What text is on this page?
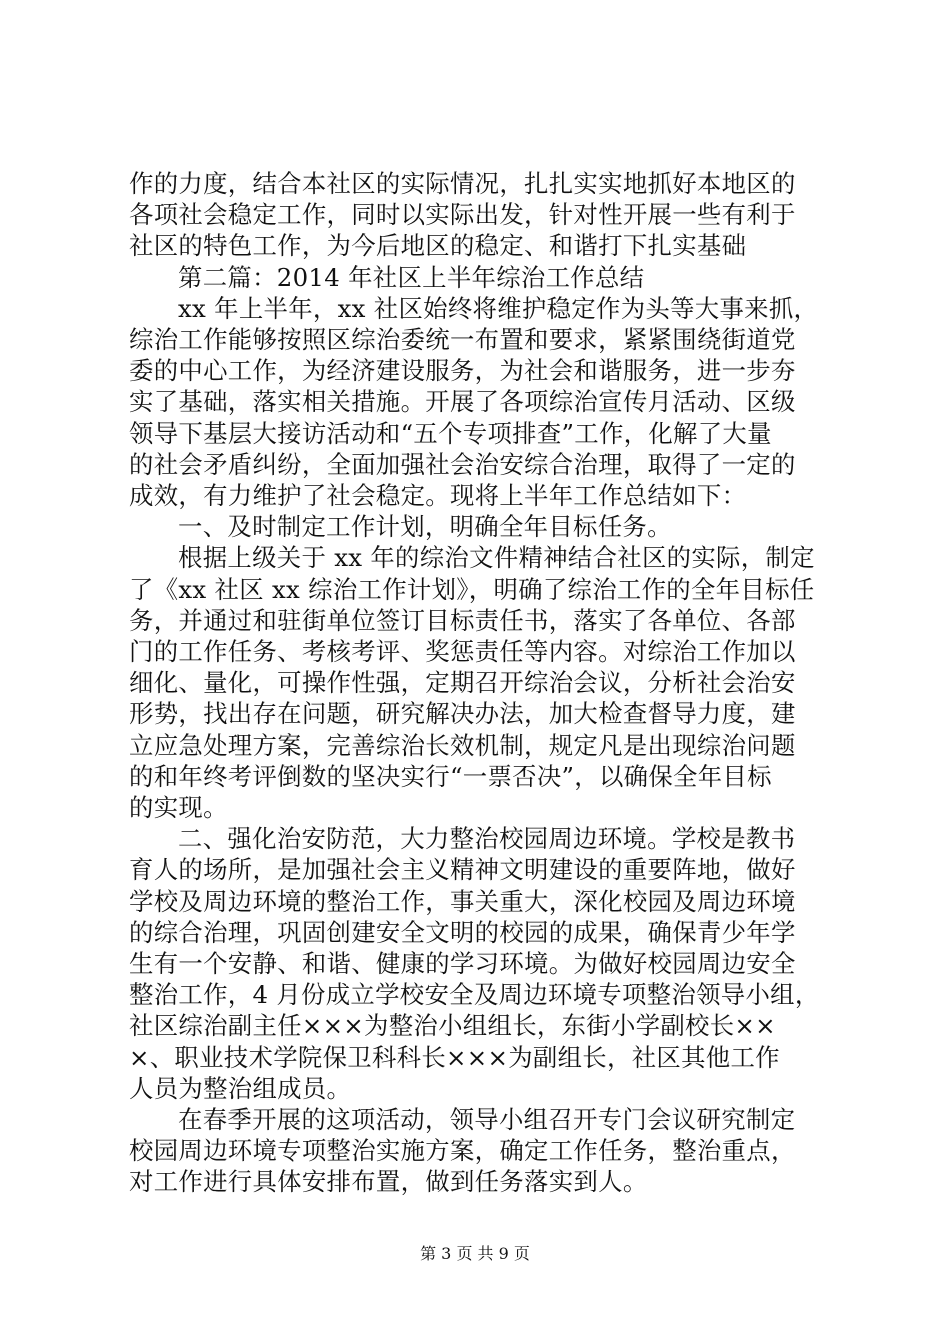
作的力度，结合本社区的实际情况，扎扎实实地抓好本地区的
各项社会稳定工作，同时以实际出发，针对性开展一些有利于
社区的特色工作，为今后地区的稳定、和谐打下扎实基础
第二篇：2014 年社区上半年综治工作总结
xx 年上半年，xx 社区始终将维护稳定作为头等大事来抓，
综治工作能够按照区综治委统一布置和要求，紧紧围绕街道党
委的中心工作，为经济建设服务，为社会和谐服务，进一步夯
实了基础，落实相关措施。开展了各项综治宣传月活动、区级
领导下基层大接访活动和“五个专项排查”工作，化解了大量
的社会矛盾纠纷，全面加强社会治安综合治理，取得了一定的
成效，有力维护了社会稳定。现将上半年工作总结如下：
一、及时制定工作计划，明确全年目标任务。
根据上级关于 xx 年的综治文件精神结合社区的实际，制定
了《xx 社区 xx 综治工作计划》，明确了综治工作的全年目标任
务，并通过和驻街单位签订目标责任书，落实了各单位、各部
门的工作任务、考核考评、奖惩责任等内容。对综治工作加以
细化、量化，可操作性强，定期召开综治会议，分析社会治安
形势，找出存在问题，研究解决办法，加大检查督导力度，建
立应急处理方案，完善综治长效机制，规定凡是出现综治问题
的和年终考评倒数的坚决实行“一票否决”，以确保全年目标
的实现。
二、强化治安防范，大力整治校园周边环境。学校是教书
育人的场所，是加强社会主义精神文明建设的重要阵地，做好
学校及周边环境的整治工作，事关重大，深化校园及周边环境
的综合治理，巩固创建安全文明的校园的成果，确保青少年学
生有一个安静、和谐、健康的学习环境。为做好校园周边安全
整治工作，4 月份成立学校安全及周边环境专项整治领导小组，
社区综治副主任×××为整治小组组长，东街小学副校长××
×、职业技术学院保卫科科长×××为副组长，社区其他工作
人员为整治组成员。
在春季开展的这项活动，领导小组召开专门会议研究制定
校园周边环境专项整治实施方案，确定工作任务，整治重点，
对工作进行具体安排布置，做到任务落实到人。
第 3 页 共 9 页
